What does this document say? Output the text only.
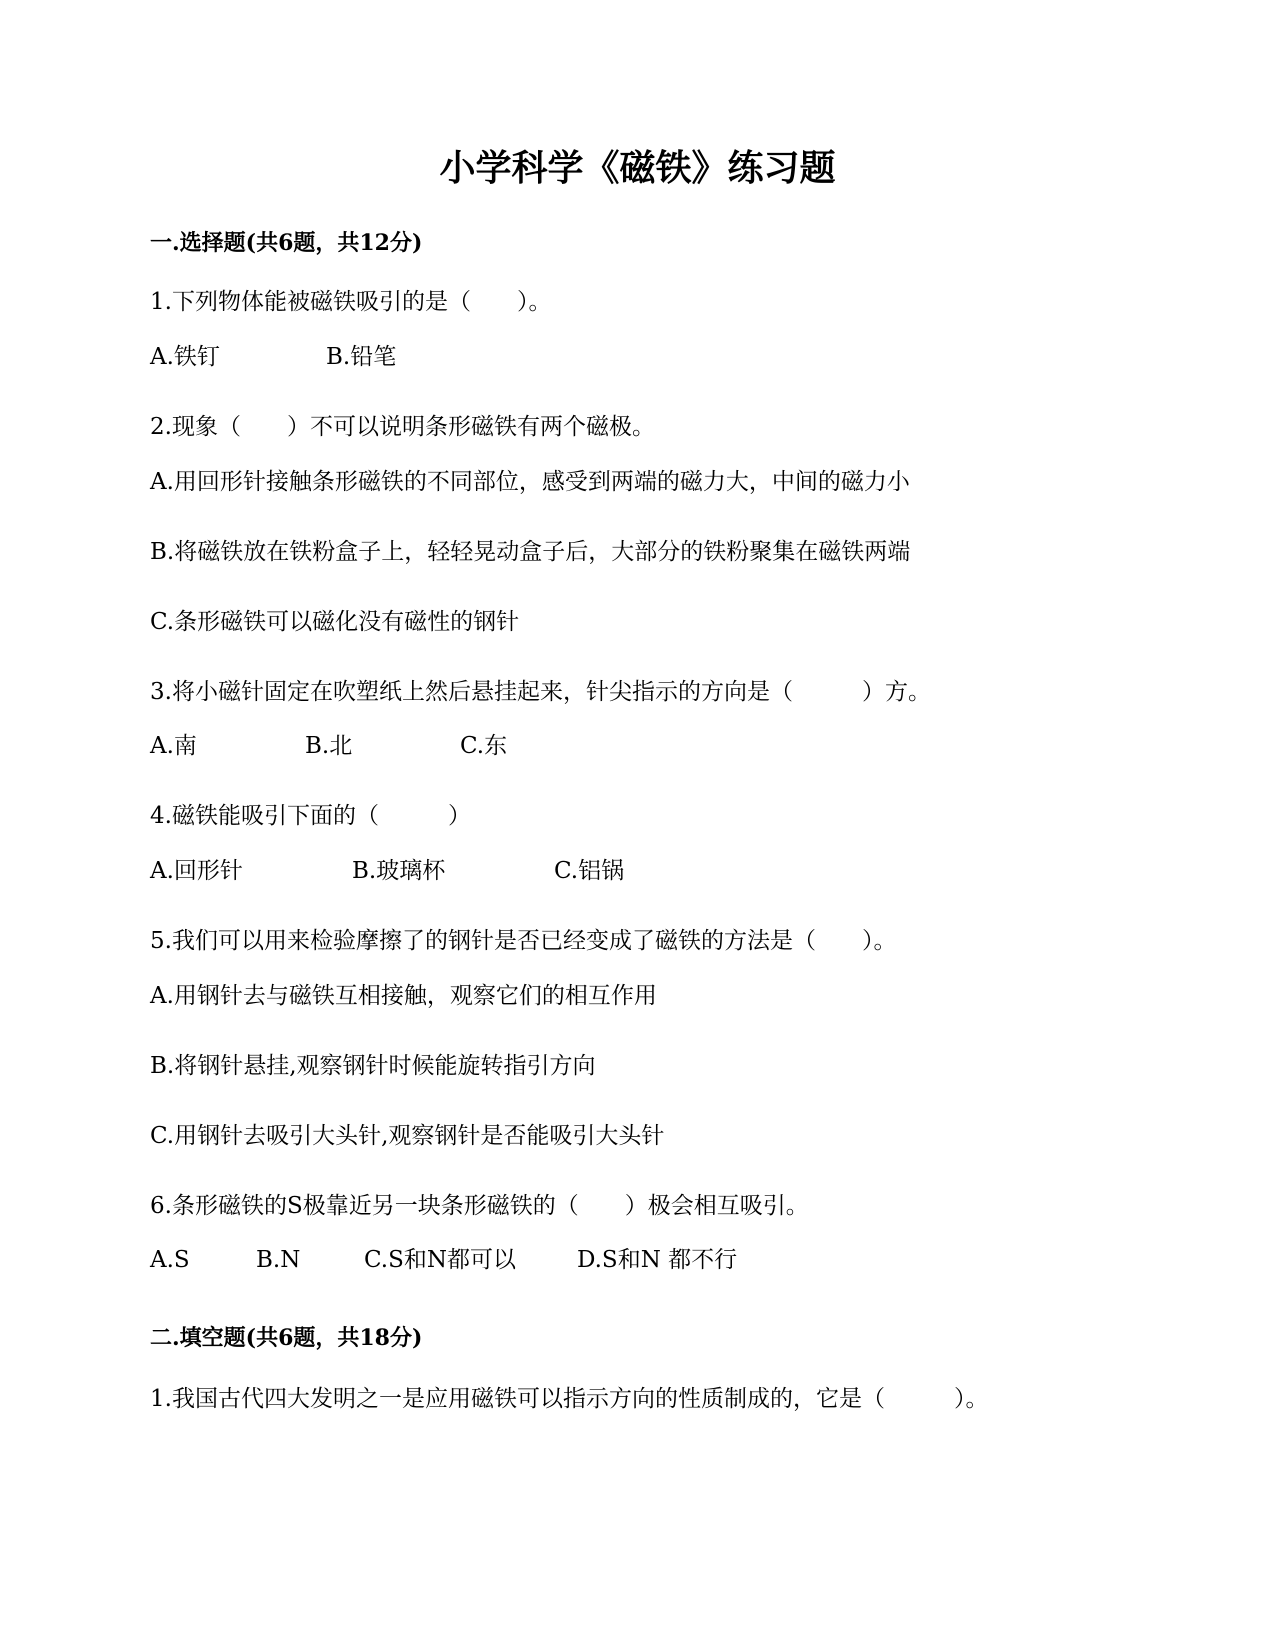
小学科学《磁铁》练习题
一.选择题(共6题，共12分)
1.下列物体能被磁铁吸引的是（　　）。
A.铁钉	B.铅笔
2.现象（　　）不可以说明条形磁铁有两个磁极。
A.用回形针接触条形磁铁的不同部位，感受到两端的磁力大，中间的磁力小
B.将磁铁放在铁粉盒子上，轻轻晃动盒子后，大部分的铁粉聚集在磁铁两端
C.条形磁铁可以磁化没有磁性的钢针
3.将小磁针固定在吹塑纸上然后悬挂起来，针尖指示的方向是（　　　）方。
A.南	B.北	C.东
4.磁铁能吸引下面的（　　　）
A.回形针	B.玻璃杯	C.铝锅
5.我们可以用来检验摩擦了的钢针是否已经变成了磁铁的方法是（　　）。
A.用钢针去与磁铁互相接触，观察它们的相互作用
B.将钢针悬挂,观察钢针时候能旋转指引方向
C.用钢针去吸引大头针,观察钢针是否能吸引大头针
6.条形磁铁的S极靠近另一块条形磁铁的（　　）极会相互吸引。
A.S	B.N	C.S和N都可以	D.S和N 都不行
二.填空题(共6题，共18分)
1.我国古代四大发明之一是应用磁铁可以指示方向的性质制成的，它是（　　　）。
